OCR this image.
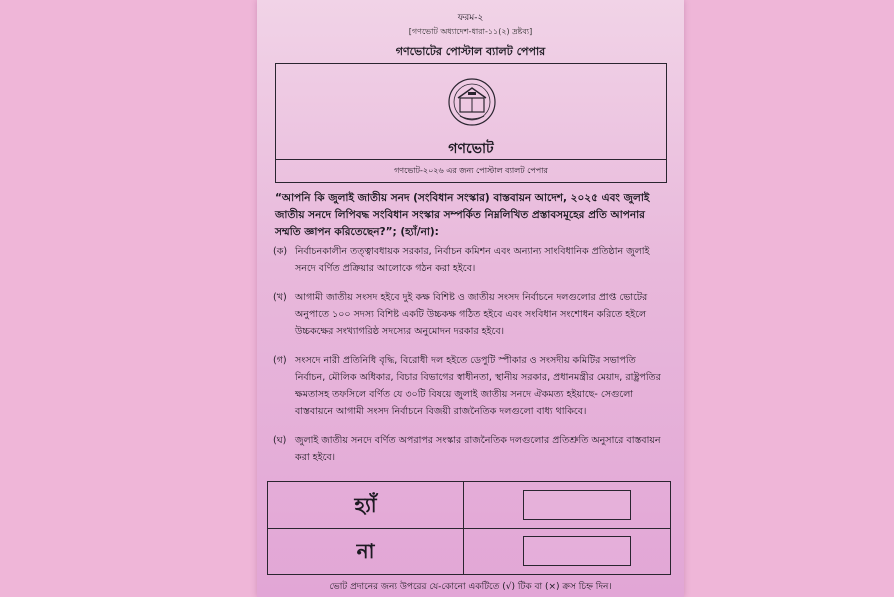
ফরম-২
[গণভোট অধ্যাদেশ-ধারা-১১(২) দ্রষ্টব্য]
গণভোটের পোস্টাল ব্যালট পেপার
গণভোট
গণভোট-২০২৬ এর জন্য পোস্টাল ব্যালট পেপার
“আপনি কি জুলাই জাতীয় সনদ (সংবিধান সংস্কার) বাস্তবায়ন আদেশ, ২০২৫ এবং জুলাই জাতীয় সনদে লিপিবদ্ধ সংবিধান সংস্কার সম্পর্কিত নিম্নলিখিত প্রস্তাবসমূহের প্রতি আপনার সম্মতি জ্ঞাপন করিতেছেন?”; (হ্যাঁ/না):
(ক) নির্বাচনকালীন তত্ত্বাবধায়ক সরকার, নির্বাচন কমিশন এবং অন্যান্য সাংবিধানিক প্রতিষ্ঠান জুলাই সনদে বর্ণিত প্রক্রিয়ার আলোকে গঠন করা হইবে।
(খ) আগামী জাতীয় সংসদ হইবে দুই কক্ষ বিশিষ্ট ও জাতীয় সংসদ নির্বাচনে দলগুলোর প্রাপ্ত ভোটের অনুপাতে ১০০ সদস্য বিশিষ্ট একটি উচ্চকক্ষ গঠিত হইবে এবং সংবিধান সংশোধন করিতে হইলে উচ্চকক্ষের সংখ্যাগরিষ্ঠ সদস্যের অনুমোদন দরকার হইবে।
(গ) সংসদে নারী প্রতিনিধি বৃদ্ধি, বিরোধী দল হইতে ডেপুটি স্পীকার ও সংসদীয় কমিটির সভাপতি নির্বাচন, মৌলিক অধিকার, বিচার বিভাগের স্বাধীনতা, স্থানীয় সরকার, প্রধানমন্ত্রীর মেয়াদ, রাষ্ট্রপতির ক্ষমতাসহ তফসিলে বর্ণিত যে ৩০টি বিষয়ে জুলাই জাতীয় সনদে ঐকমত্য হইয়াছে- সেগুলো বাস্তবায়নে আগামী সংসদ নির্বাচনে বিজয়ী রাজনৈতিক দলগুলো বাধ্য থাকিবে।
(ঘ) জুলাই জাতীয় সনদে বর্ণিত অপরাপর সংস্কার রাজনৈতিক দলগুলোর প্রতিশ্রুতি অনুসারে বাস্তবায়ন করা হইবে।
হ্যাঁ
না
ভোট প্রদানের জন্য উপরের যে-কোনো একটিতে (√) টিক বা (×) ক্রস চিহ্ন দিন।
